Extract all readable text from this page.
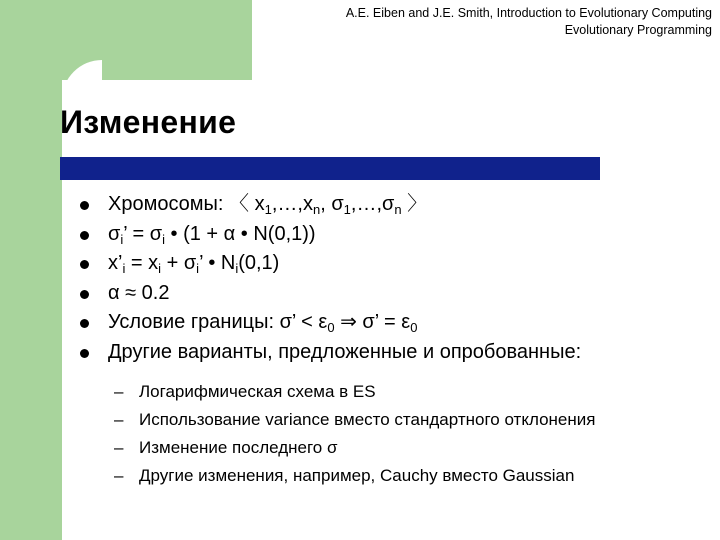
A.E. Eiben and J.E. Smith, Introduction to Evolutionary Computing
Evolutionary Programming
Изменение
Хромосомы: 〈 $x_1,\dots,x_n$, $\sigma_1,\dots,\sigma_n$ 〉
$\sigma_i$’ = $\sigma_i$ • (1 + α • N(0,1))
$x’_i = x_i + \sigma_i$’ • $N_i(0,1)$
α ≈ 0.2
Условие границы: σ’ < $\varepsilon_0$ ⇒ σ’ = $\varepsilon_0$
Другие варианты, предложенные и опробованные:
– Логарифмическая схема в ES
– Использование variance вместо стандартного отклонения
– Изменение последнего σ
– Другие изменения, например, Cauchy вместо Gaussian
